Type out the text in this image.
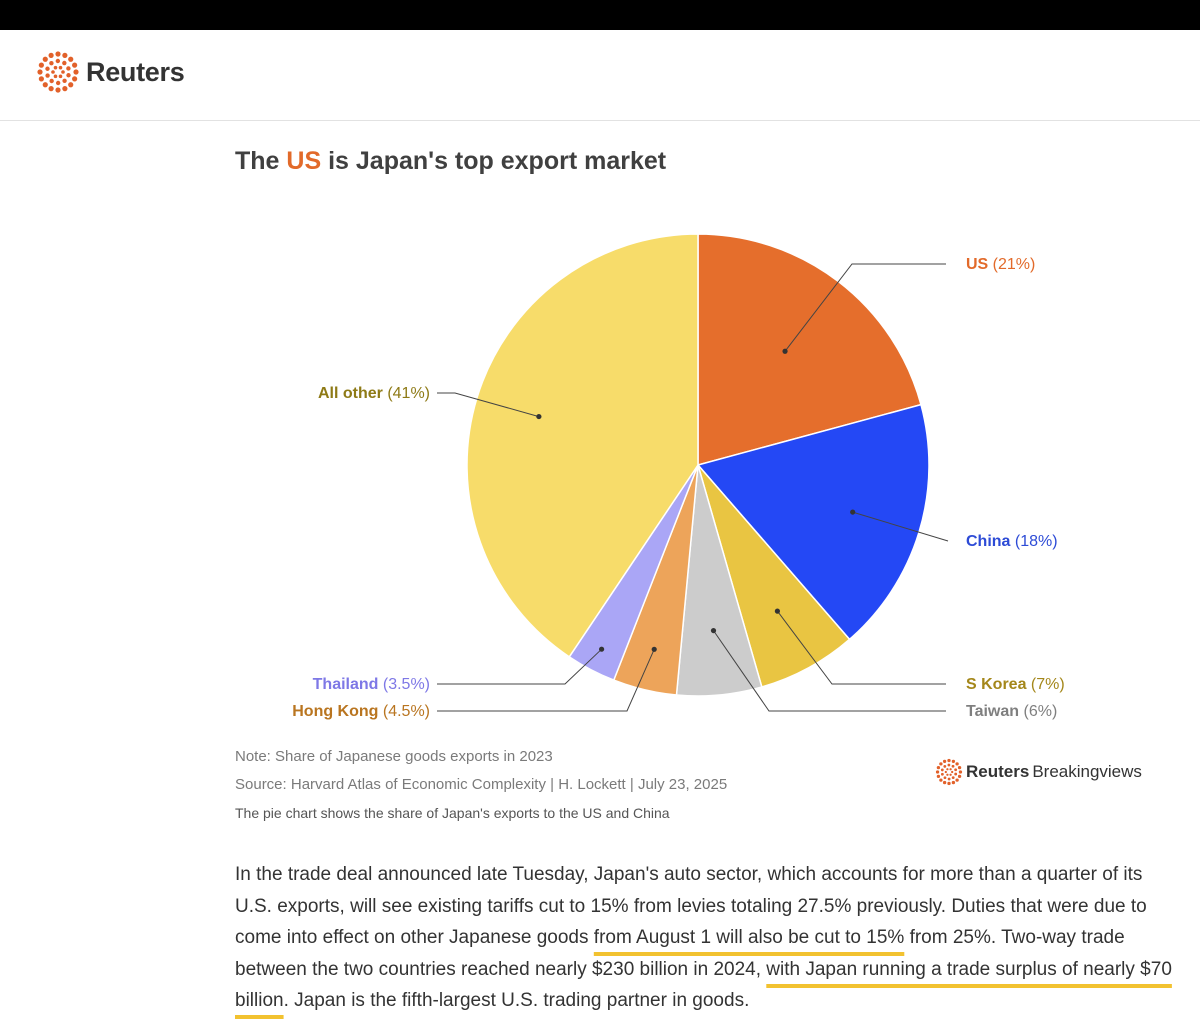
Reuters
The US is Japan's top export market
US (21%)
China (18%)
S Korea (7%)
Taiwan (6%)
Hong Kong (4.5%)
Thailand (3.5%)
All other (41%)
Note: Share of Japanese goods exports in 2023
Source: Harvard Atlas of Economic Complexity | H. Lockett | July 23, 2025
The pie chart shows the share of Japan's exports to the US and China
Reuters Breakingviews

In the trade deal announced late Tuesday, Japan's auto sector, which accounts for more than a quarter of its U.S. exports, will see existing tariffs cut to 15% from levies totaling 27.5% previously. Duties that were due to come into effect on other Japanese goods from August 1 will also be cut to 15% from 25%. Two-way trade between the two countries reached nearly $230 billion in 2024, with Japan running a trade surplus of nearly $70 billion. Japan is the fifth-largest U.S. trading partner in goods.
